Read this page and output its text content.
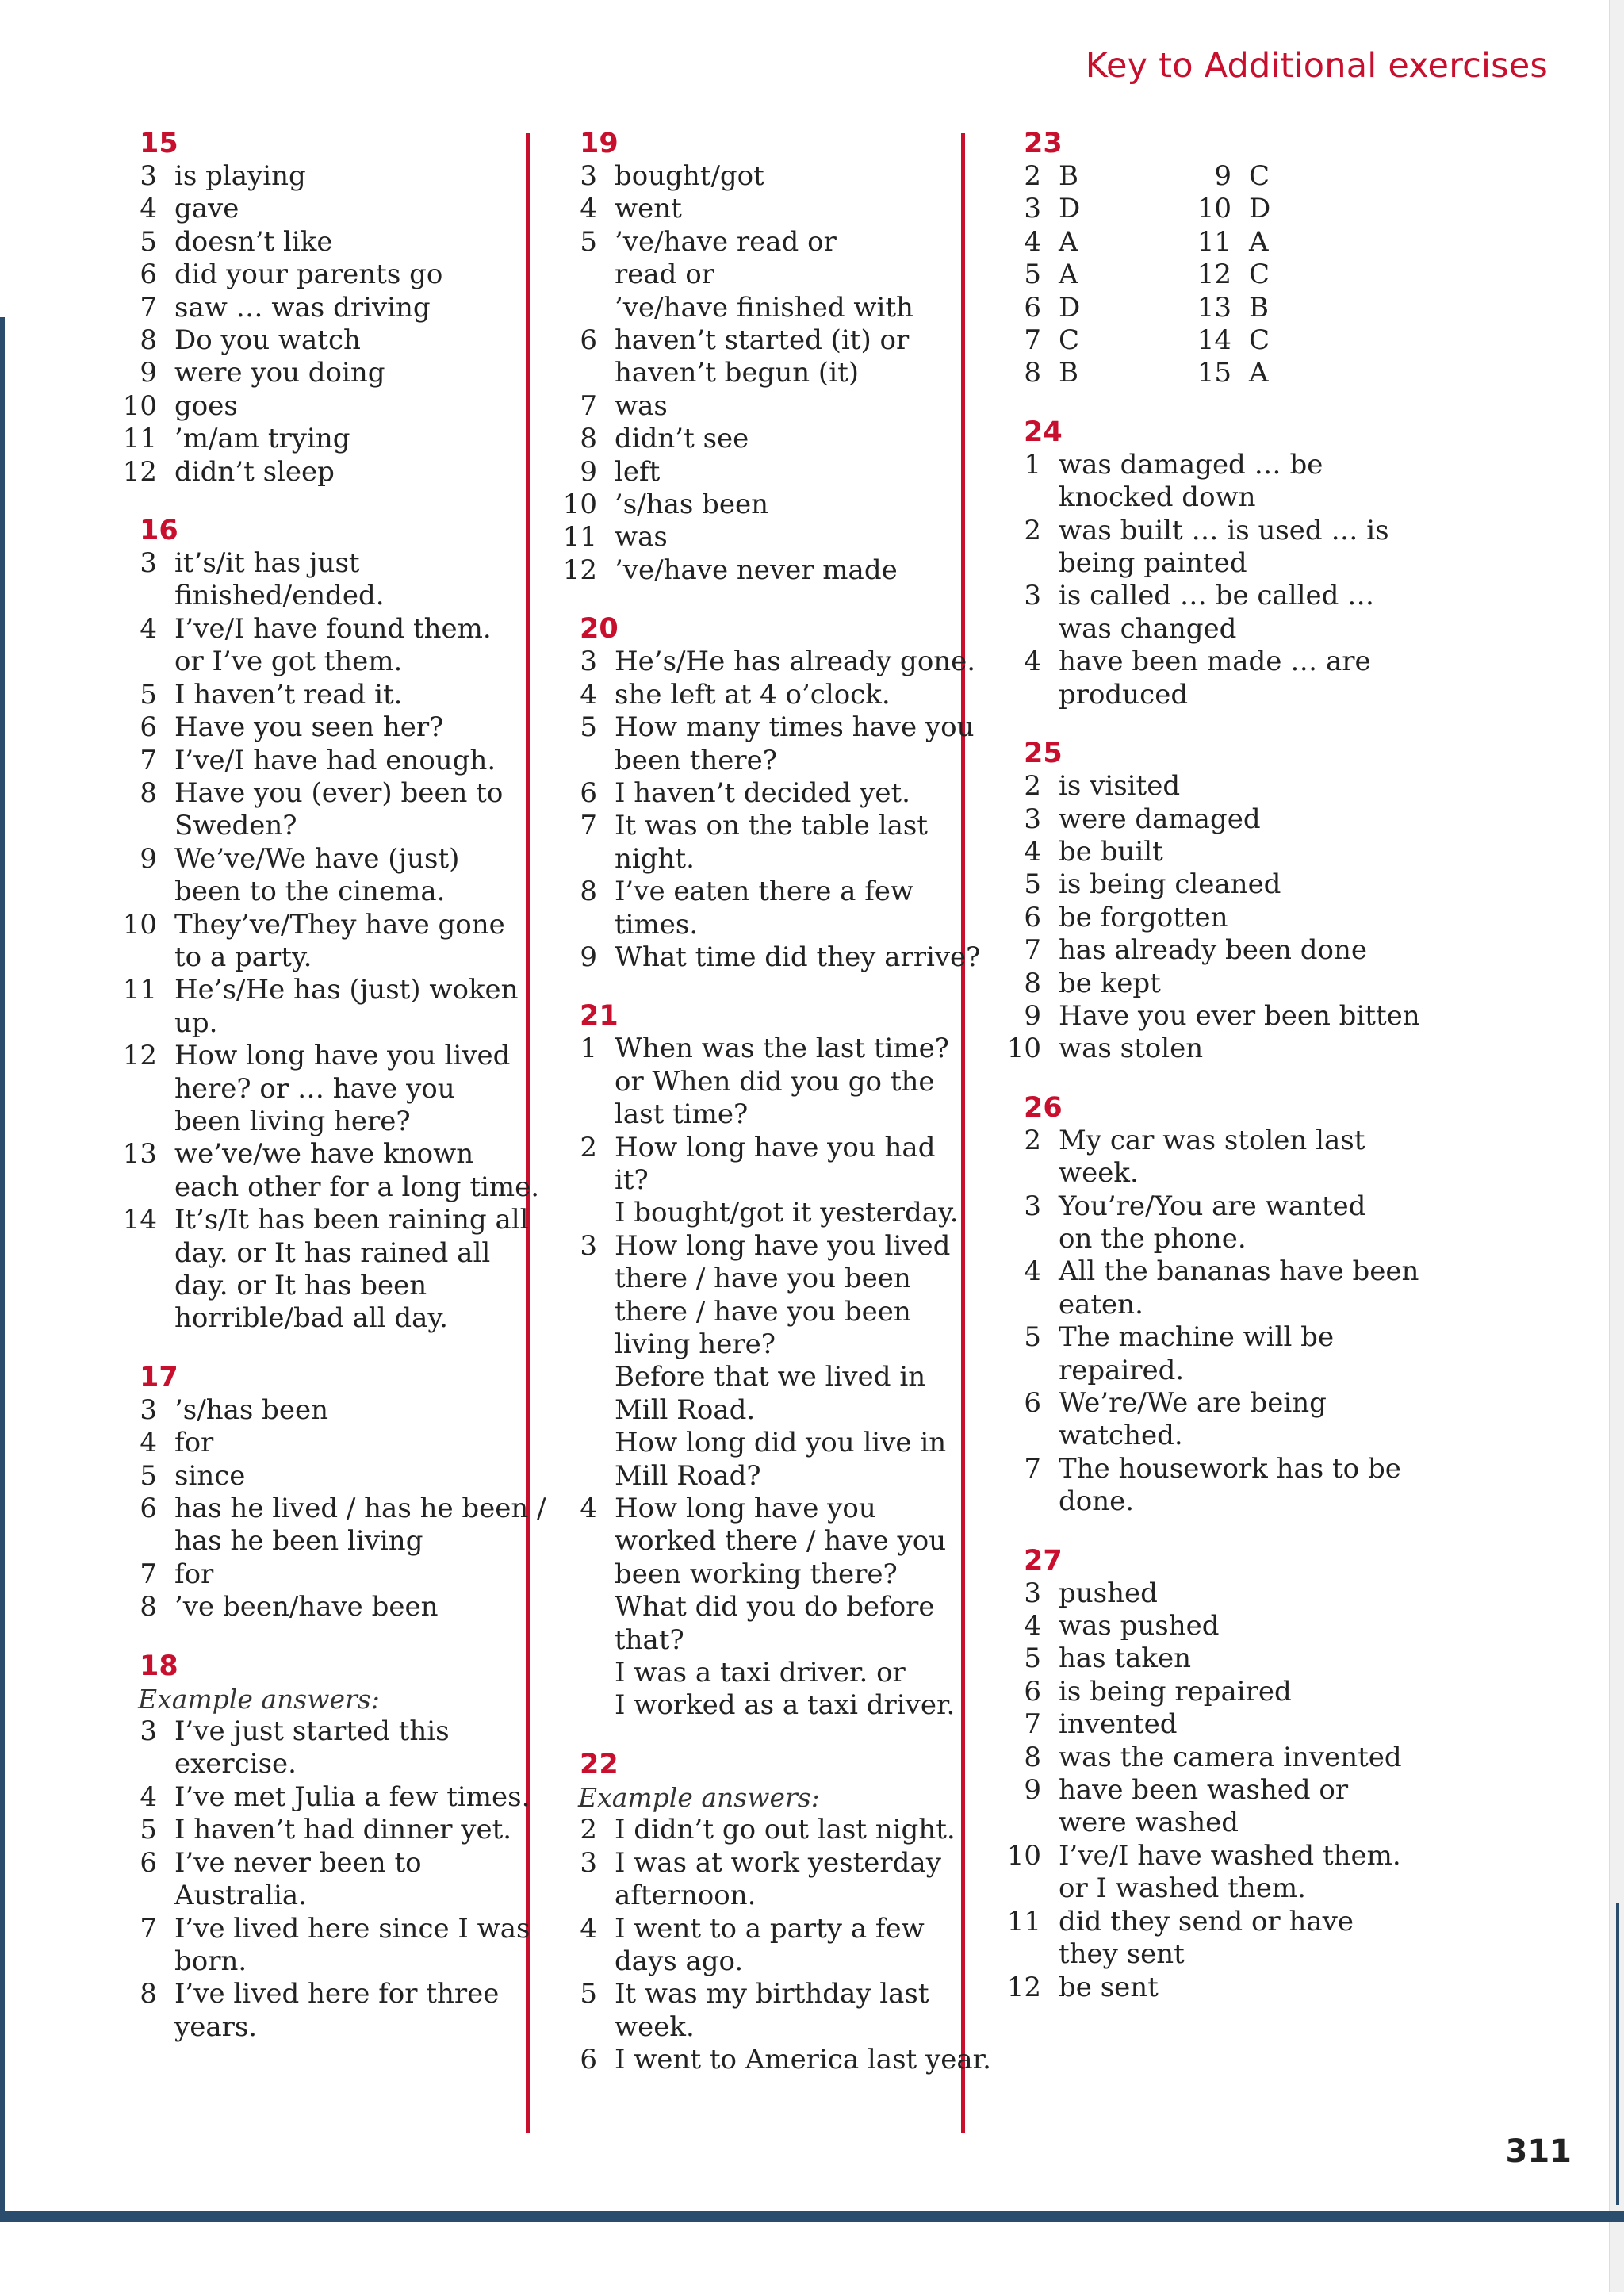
Key to Additional exercises
15
3 is playing
4 gave
5 doesn’t like
6 did your parents go
7 saw … was driving
8 Do you watch
9 were you doing
10 goes
11 ’m/am trying
12 didn’t sleep
16
3 it’s/it has just
finished/ended.
4 I’ve/I have found them.
or I’ve got them.
5 I haven’t read it.
6 Have you seen her?
7 I’ve/I have had enough.
8 Have you (ever) been to
Sweden?
9 We’ve/We have (just)
been to the cinema.
10 They’ve/They have gone
to a party.
11 He’s/He has (just) woken
up.
12 How long have you lived
here? or … have you
been living here?
13 we’ve/we have known
each other for a long time.
14 It’s/It has been raining all
day. or It has rained all
day. or It has been
horrible/bad all day.
17
3 ’s/has been
4 for
5 since
6 has he lived / has he been /
has he been living
7 for
8 ’ve been/have been
18
Example answers:
3 I’ve just started this
exercise.
4 I’ve met Julia a few times.
5 I haven’t had dinner yet.
6 I’ve never been to
Australia.
7 I’ve lived here since I was
born.
8 I’ve lived here for three
years.
19
3 bought/got
4 went
5 ’ve/have read or
read or
’ve/have finished with
6 haven’t started (it) or
haven’t begun (it)
7 was
8 didn’t see
9 left
10 ’s/has been
11 was
12 ’ve/have never made
20
3 He’s/He has already gone.
4 she left at 4 o’clock.
5 How many times have you
been there?
6 I haven’t decided yet.
7 It was on the table last
night.
8 I’ve eaten there a few
times.
9 What time did they arrive?
21
1 When was the last time?
or When did you go the
last time?
2 How long have you had
it?
I bought/got it yesterday.
3 How long have you lived
there / have you been
there / have you been
living here?
Before that we lived in
Mill Road.
How long did you live in
Mill Road?
4 How long have you
worked there / have you
been working there?
What did you do before
that?
I was a taxi driver. or
I worked as a taxi driver.
22
Example answers:
2 I didn’t go out last night.
3 I was at work yesterday
afternoon.
4 I went to a party a few
days ago.
5 It was my birthday last
week.
6 I went to America last year.
23
2 B
3 D
4 A
5 A
6 D
7 C
8 B
9 C
10 D
11 A
12 C
13 B
14 C
15 A
24
1 was damaged … be
knocked down
2 was built … is used … is
being painted
3 is called … be called …
was changed
4 have been made … are
produced
25
2 is visited
3 were damaged
4 be built
5 is being cleaned
6 be forgotten
7 has already been done
8 be kept
9 Have you ever been bitten
10 was stolen
26
2 My car was stolen last
week.
3 You’re/You are wanted
on the phone.
4 All the bananas have been
eaten.
5 The machine will be
repaired.
6 We’re/We are being
watched.
7 The housework has to be
done.
27
3 pushed
4 was pushed
5 has taken
6 is being repaired
7 invented
8 was the camera invented
9 have been washed or
were washed
10 I’ve/I have washed them.
or I washed them.
11 did they send or have
they sent
12 be sent
311
